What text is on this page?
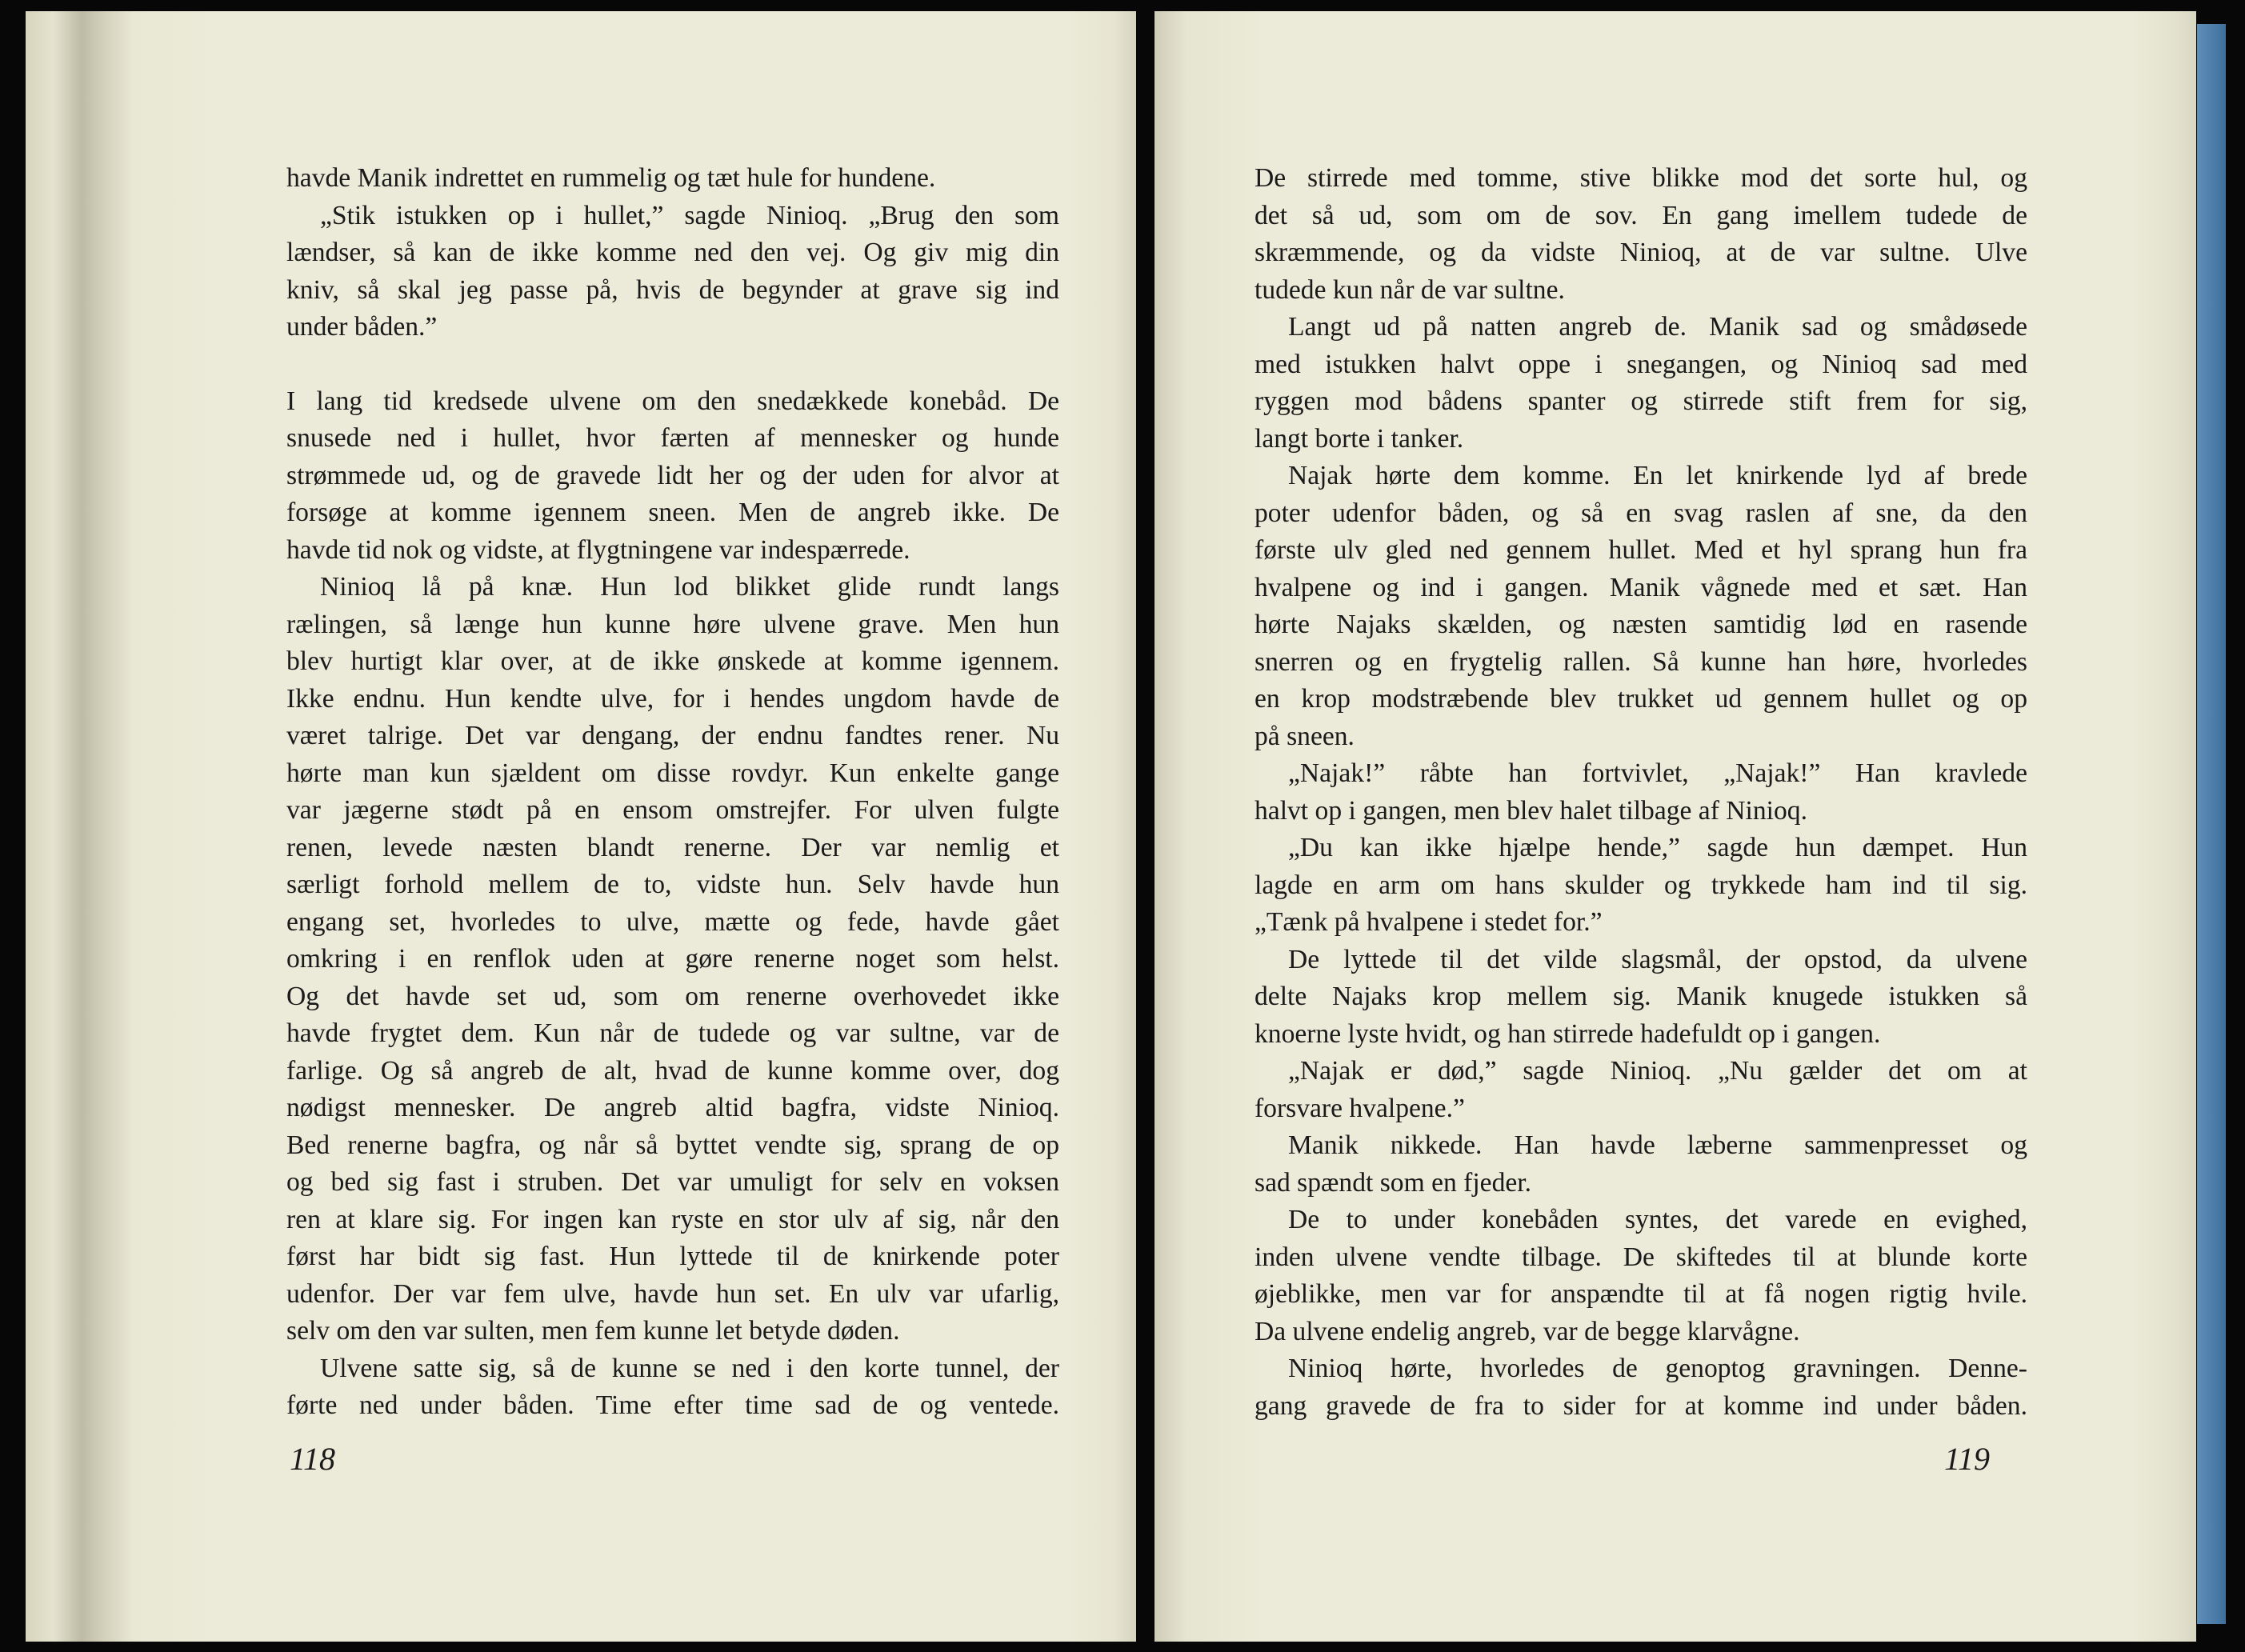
havde Manik indrettet en rummelig og tæt hule for hundene.

„Stik istukken op i hullet,” sagde Ninioq. „Brug den som

lændser, så kan de ikke komme ned den vej. Og giv mig din

kniv, så skal jeg passe på, hvis de begynder at grave sig ind

under båden.”

I lang tid kredsede ulvene om den snedækkede konebåd. De

snusede ned i hullet, hvor færten af mennesker og hunde

strømmede ud, og de gravede lidt her og der uden for alvor at

forsøge at komme igennem sneen. Men de angreb ikke. De

havde tid nok og vidste, at flygtningene var indespærrede.

Ninioq lå på knæ. Hun lod blikket glide rundt langs

rælingen, så længe hun kunne høre ulvene grave. Men hun

blev hurtigt klar over, at de ikke ønskede at komme igennem.

Ikke endnu. Hun kendte ulve, for i hendes ungdom havde de

været talrige. Det var dengang, der endnu fandtes rener. Nu

hørte man kun sjældent om disse rovdyr. Kun enkelte gange

var jægerne stødt på en ensom omstrejfer. For ulven fulgte

renen, levede næsten blandt renerne. Der var nemlig et

særligt forhold mellem de to, vidste hun. Selv havde hun

engang set, hvorledes to ulve, mætte og fede, havde gået

omkring i en renflok uden at gøre renerne noget som helst.

Og det havde set ud, som om renerne overhovedet ikke

havde frygtet dem. Kun når de tudede og var sultne, var de

farlige. Og så angreb de alt, hvad de kunne komme over, dog

nødigst mennesker. De angreb altid bagfra, vidste Ninioq.

Bed renerne bagfra, og når så byttet vendte sig, sprang de op

og bed sig fast i struben. Det var umuligt for selv en voksen

ren at klare sig. For ingen kan ryste en stor ulv af sig, når den

først har bidt sig fast. Hun lyttede til de knirkende poter

udenfor. Der var fem ulve, havde hun set. En ulv var ufarlig,

selv om den var sulten, men fem kunne let betyde døden.

Ulvene satte sig, så de kunne se ned i den korte tunnel, der

førte ned under båden. Time efter time sad de og ventede.

118

De stirrede med tomme, stive blikke mod det sorte hul, og

det så ud, som om de sov. En gang imellem tudede de

skræmmende, og da vidste Ninioq, at de var sultne. Ulve

tudede kun når de var sultne.

Langt ud på natten angreb de. Manik sad og smådøsede

med istukken halvt oppe i snegangen, og Ninioq sad med

ryggen mod bådens spanter og stirrede stift frem for sig,

langt borte i tanker.

Najak hørte dem komme. En let knirkende lyd af brede

poter udenfor båden, og så en svag raslen af sne, da den

første ulv gled ned gennem hullet. Med et hyl sprang hun fra

hvalpene og ind i gangen. Manik vågnede med et sæt. Han

hørte Najaks skælden, og næsten samtidig lød en rasende

snerren og en frygtelig rallen. Så kunne han høre, hvorledes

en krop modstræbende blev trukket ud gennem hullet og op

på sneen.

„Najak!” råbte han fortvivlet, „Najak!” Han kravlede

halvt op i gangen, men blev halet tilbage af Ninioq.

„Du kan ikke hjælpe hende,” sagde hun dæmpet. Hun

lagde en arm om hans skulder og trykkede ham ind til sig.

„Tænk på hvalpene i stedet for.”

De lyttede til det vilde slagsmål, der opstod, da ulvene

delte Najaks krop mellem sig. Manik knugede istukken så

knoerne lyste hvidt, og han stirrede hadefuldt op i gangen.

„Najak er død,” sagde Ninioq. „Nu gælder det om at

forsvare hvalpene.”

Manik nikkede. Han havde læberne sammenpresset og

sad spændt som en fjeder.

De to under konebåden syntes, det varede en evighed,

inden ulvene vendte tilbage. De skiftedes til at blunde korte

øjeblikke, men var for anspændte til at få nogen rigtig hvile.

Da ulvene endelig angreb, var de begge klarvågne.

Ninioq hørte, hvorledes de genoptog gravningen. Denne-

gang gravede de fra to sider for at komme ind under båden.

119
